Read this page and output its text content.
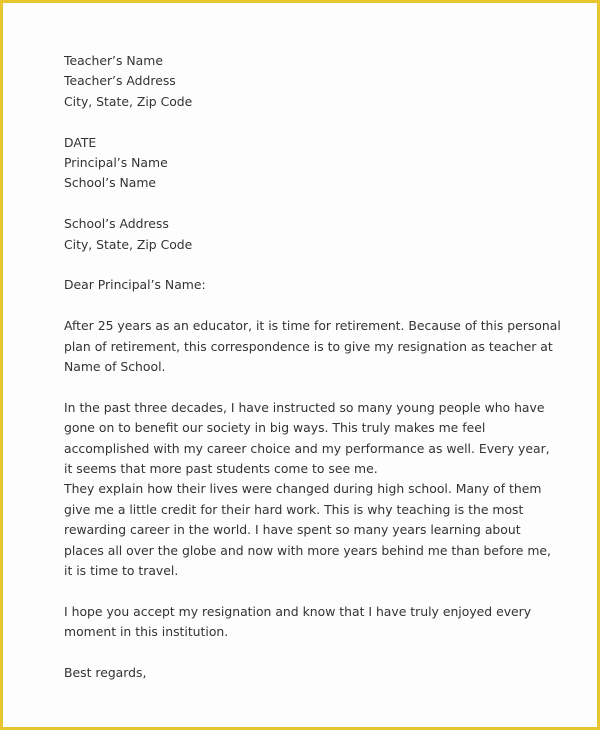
Teacher’s Name
Teacher’s Address
City, State, Zip Code
DATE
Principal’s Name
School’s Name
School’s Address
City, State, Zip Code
Dear Principal’s Name:
After 25 years as an educator, it is time for retirement. Because of this personal
plan of retirement, this correspondence is to give my resignation as teacher at
Name of School.
In the past three decades, I have instructed so many young people who have
gone on to benefit our society in big ways. This truly makes me feel
accomplished with my career choice and my performance as well. Every year,
it seems that more past students come to see me.
They explain how their lives were changed during high school. Many of them
give me a little credit for their hard work. This is why teaching is the most
rewarding career in the world. I have spent so many years learning about
places all over the globe and now with more years behind me than before me,
it is time to travel.
I hope you accept my resignation and know that I have truly enjoyed every
moment in this institution.
Best regards,
